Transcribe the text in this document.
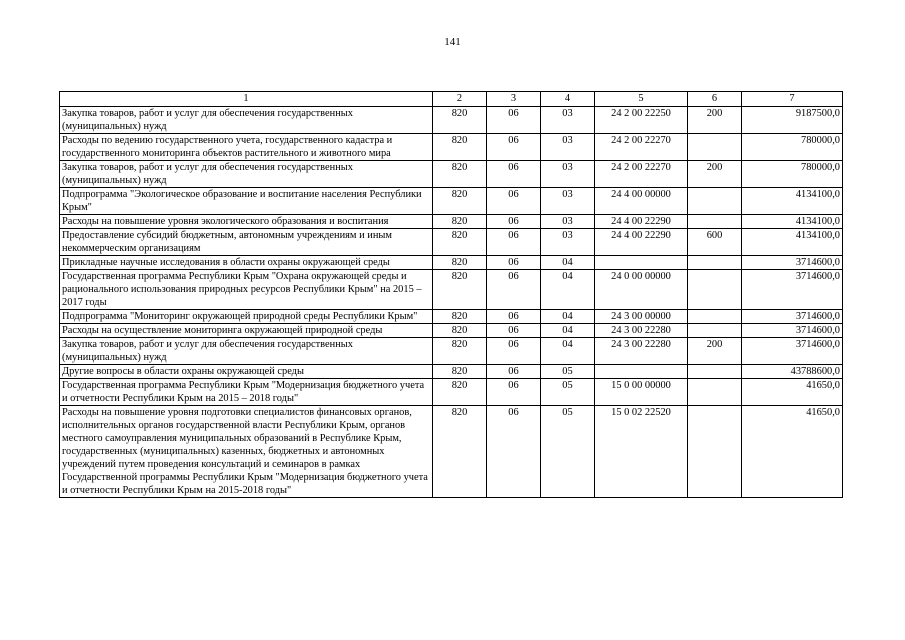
141
1	2	3	4	5	6	7
Закупка товаров, работ и услуг для обеспечения государственных (муниципальных) нужд	820	06	03	24 2 00 22250	200	9187500,0
Расходы по ведению государственного учета, государственного кадастра и государственного мониторинга объектов растительного и животного мира	820	06	03	24 2 00 22270		780000,0
Закупка товаров, работ и услуг для обеспечения государственных (муниципальных) нужд	820	06	03	24 2 00 22270	200	780000,0
Подпрограмма "Экологическое образование и воспитание населения Республики Крым"	820	06	03	24 4 00 00000		4134100,0
Расходы на повышение уровня экологического образования и воспитания	820	06	03	24 4 00 22290		4134100,0
Предоставление субсидий бюджетным, автономным учреждениям и иным некоммерческим организациям	820	06	03	24 4 00 22290	600	4134100,0
Прикладные научные исследования в области охраны окружающей среды	820	06	04			3714600,0
Государственная программа Республики Крым "Охрана окружающей среды и рационального использования природных ресурсов Республики Крым" на 2015 – 2017 годы	820	06	04	24 0 00 00000		3714600,0
Подпрограмма "Мониторинг окружающей природной среды Республики Крым"	820	06	04	24 3 00 00000		3714600,0
Расходы на осуществление мониторинга окружающей природной среды	820	06	04	24 3 00 22280		3714600,0
Закупка товаров, работ и услуг для обеспечения государственных (муниципальных) нужд	820	06	04	24 3 00 22280	200	3714600,0
Другие вопросы в области охраны окружающей среды	820	06	05			43788600,0
Государственная программа Республики Крым "Модернизация бюджетного учета и отчетности Республики Крым на 2015 – 2018 годы"	820	06	05	15 0 00 00000		41650,0
Расходы на повышение уровня подготовки специалистов финансовых органов, исполнительных органов государственной власти Республики Крым, органов местного самоуправления муниципальных образований в Республике Крым, государственных (муниципальных) казенных, бюджетных и автономных учреждений путем проведения консультаций и семинаров в рамках Государственной программы Республики Крым "Модернизация бюджетного учета и отчетности Республики Крым на 2015-2018 годы"	820	06	05	15 0 02 22520		41650,0
